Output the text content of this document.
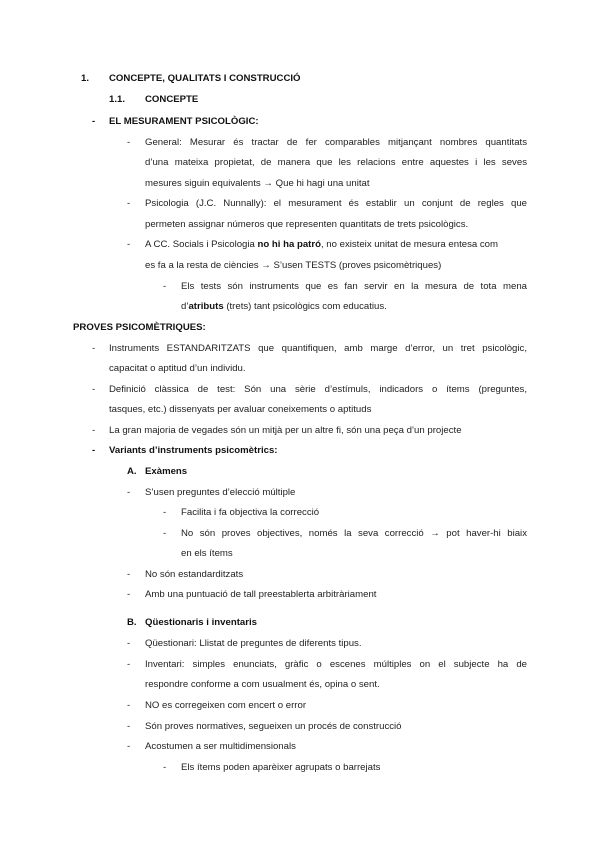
1. CONCEPTE, QUALITATS I CONSTRUCCIÓ
1.1. CONCEPTE
-	EL MESURAMENT PSICOLÒGIC:
-	General: Mesurar és tractar de fer comparables mitjançant nombres quantitats
d’una mateixa propietat, de manera que les relacions entre aquestes i les seves
mesures siguin equivalents → Que hi hagi una unitat
-	Psicologia (J.C. Nunnally): el mesurament és establir un conjunt de regles que
permeten assignar números que representen quantitats de trets psicològics.
-	A CC. Socials i Psicologia no hi ha patró, no existeix unitat de mesura entesa com
es fa a la resta de ciències → S’usen TESTS (proves psicomètriques)
-	Els tests són instruments que es fan servir en la mesura de tota mena
d’atributs (trets) tant psicològics com educatius.
PROVES PSICOMÈTRIQUES:
-	Instruments ESTANDARITZATS que quantifiquen, amb marge d’error, un tret psicològic,
capacitat o aptitud d’un individu.
-	Definició clàssica de test: Són una sèrie d’estímuls, indicadors o ítems (preguntes,
tasques, etc.) dissenyats per avaluar coneixements o aptituds
-	La gran majoria de vegades són un mitjà per un altre fi, són una peça d’un projecte
-	Variants d’instruments psicomètrics:
A. Exàmens
-	S’usen preguntes d’elecció múltiple
-	Facilita i fa objectiva la correcció
-	No són proves objectives, només la seva correcció → pot haver-hi biaix
en els ítems
-	No són estandarditzats
-	Amb una puntuació de tall preestablerta arbitràriament
B. Qüestionaris i inventaris
-	Qüestionari: Llistat de preguntes de diferents tipus.
-	Inventari: simples enunciats, gràfic o escenes múltiples on el subjecte ha de
respondre conforme a com usualment és, opina o sent.
-	NO es corregeixen com encert o error
-	Són proves normatives, segueixen un procés de construcció
-	Acostumen a ser multidimensionals
-	Els ítems poden aparèixer agrupats o barrejats
